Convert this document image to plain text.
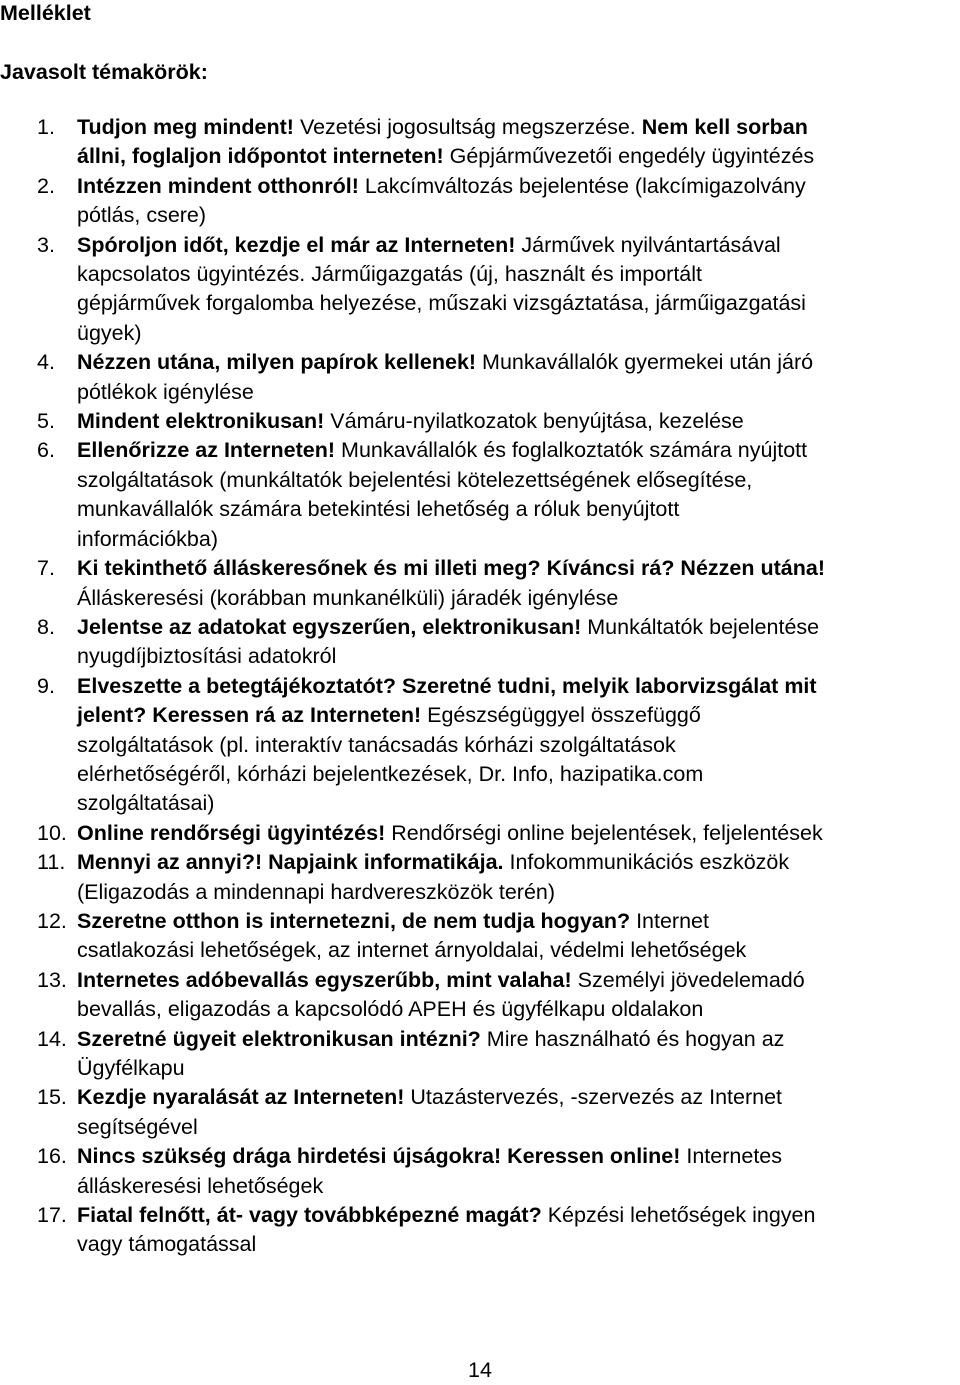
Melléklet
Javasolt témakörök:
1. Tudjon meg mindent! Vezetési jogosultság megszerzése. Nem kell sorban
állni, foglaljon időpontot interneten! Gépjárművezetői engedély ügyintézés
2. Intézzen mindent otthonról! Lakcímváltozás bejelentése (lakcímigazolvány
pótlás, csere)
3. Spóroljon időt, kezdje el már az Interneten! Járművek nyilvántartásával
kapcsolatos ügyintézés. Járműigazgatás (új, használt és importált
gépjárművek forgalomba helyezése, műszaki vizsgáztatása, járműigazgatási
ügyek)
4. Nézzen utána, milyen papírok kellenek! Munkavállalók gyermekei után járó
pótlékok igénylése
5. Mindent elektronikusan! Vámáru-nyilatkozatok benyújtása, kezelése
6. Ellenőrizze az Interneten! Munkavállalók és foglalkoztatók számára nyújtott
szolgáltatások (munkáltatók bejelentési kötelezettségének elősegítése,
munkavállalók számára betekintési lehetőség a róluk benyújtott
információkba)
7. Ki tekinthető álláskeresőnek és mi illeti meg? Kíváncsi rá? Nézzen utána!
Álláskeresési (korábban munkanélküli) járadék igénylése
8. Jelentse az adatokat egyszerűen, elektronikusan! Munkáltatók bejelentése
nyugdíjbiztosítási adatokról
9. Elveszette a betegtájékoztatót? Szeretné tudni, melyik laborvizsgálat mit
jelent? Keressen rá az Interneten! Egészségüggyel összefüggő
szolgáltatások (pl. interaktív tanácsadás kórházi szolgáltatások
elérhetőségéről, kórházi bejelentkezések, Dr. Info, hazipatika.com
szolgáltatásai)
10. Online rendőrségi ügyintézés! Rendőrségi online bejelentések, feljelentések
11. Mennyi az annyi?! Napjaink informatikája. Infokommunikációs eszközök
(Eligazodás a mindennapi hardvereszközök terén)
12. Szeretne otthon is internetezni, de nem tudja hogyan? Internet
csatlakozási lehetőségek, az internet árnyoldalai, védelmi lehetőségek
13. Internetes adóbevallás egyszerűbb, mint valaha! Személyi jövedelemadó
bevallás, eligazodás a kapcsolódó APEH és ügyfélkapu oldalakon
14. Szeretné ügyeit elektronikusan intézni? Mire használható és hogyan az
Ügyfélkapu
15. Kezdje nyaralását az Interneten! Utazástervezés, -szervezés az Internet
segítségével
16. Nincs szükség drága hirdetési újságokra! Keressen online! Internetes
álláskeresési lehetőségek
17. Fiatal felnőtt, át- vagy továbbképezné magát? Képzési lehetőségek ingyen
vagy támogatással
14
